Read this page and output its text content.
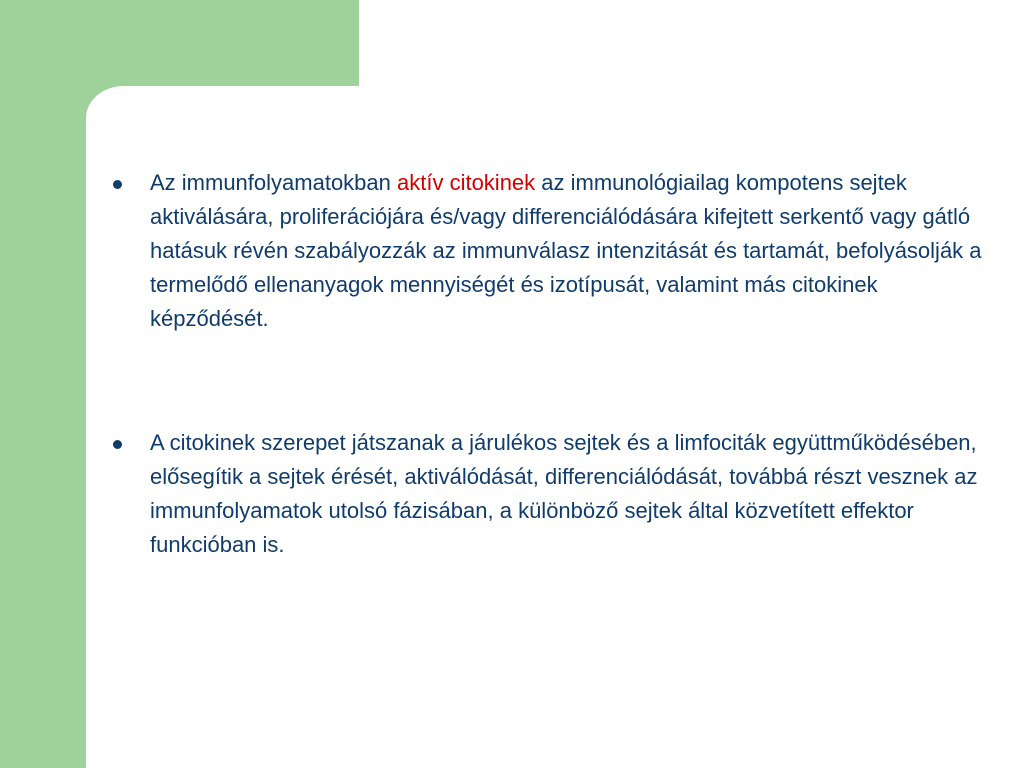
Az immunfolyamatokban aktív citokinek az immunológiailag kompotens sejtek aktiválására, proliferációjára és/vagy differenciálódására kifejtett serkentő vagy gátló hatásuk révén szabályozzák az immunválasz intenzitását és tartamát, befolyásolják a termelődő ellenanyagok mennyiségét és izotípusát, valamint más citokinek képződését.
A citokinek szerepet játszanak a járulékos sejtek és a limfociták együttműködésében, elősegítik a sejtek érését, aktiválódását, differenciálódását, továbbá részt vesznek az immunfolyamatok utolsó fázisában, a különböző sejtek által közvetített effektor funkcióban is.
